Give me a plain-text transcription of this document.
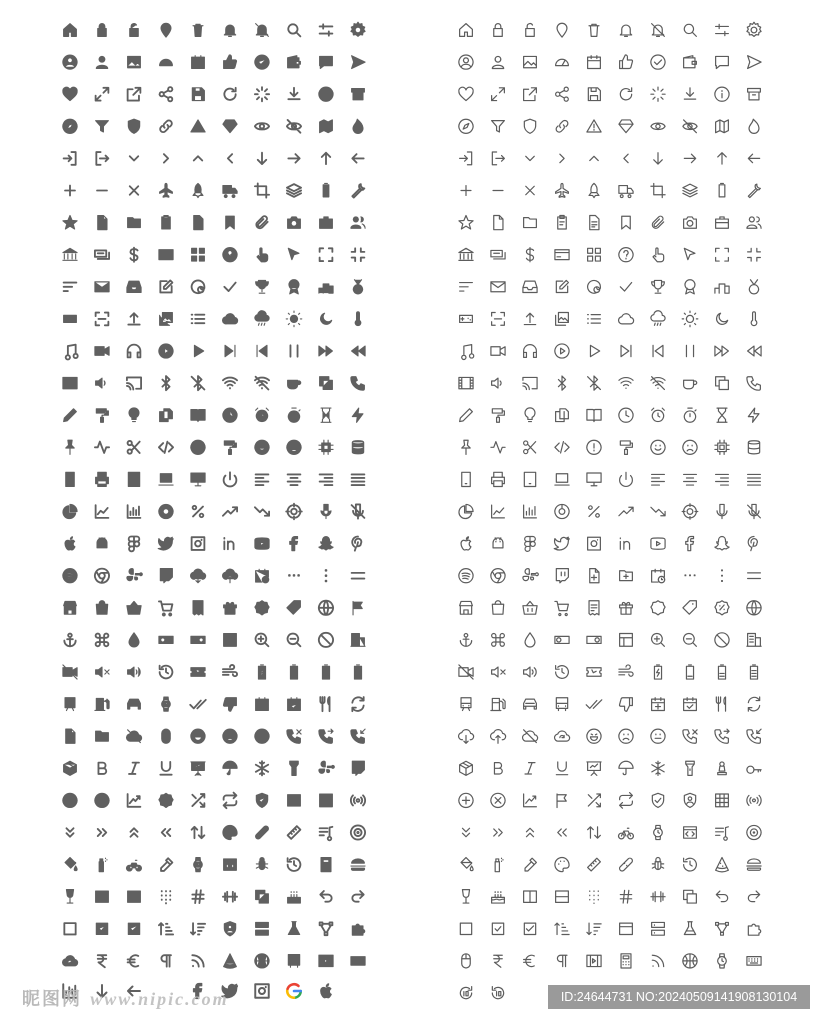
昵图网 www.nipic.com	ID:24644731 NO:20240509141908130104
